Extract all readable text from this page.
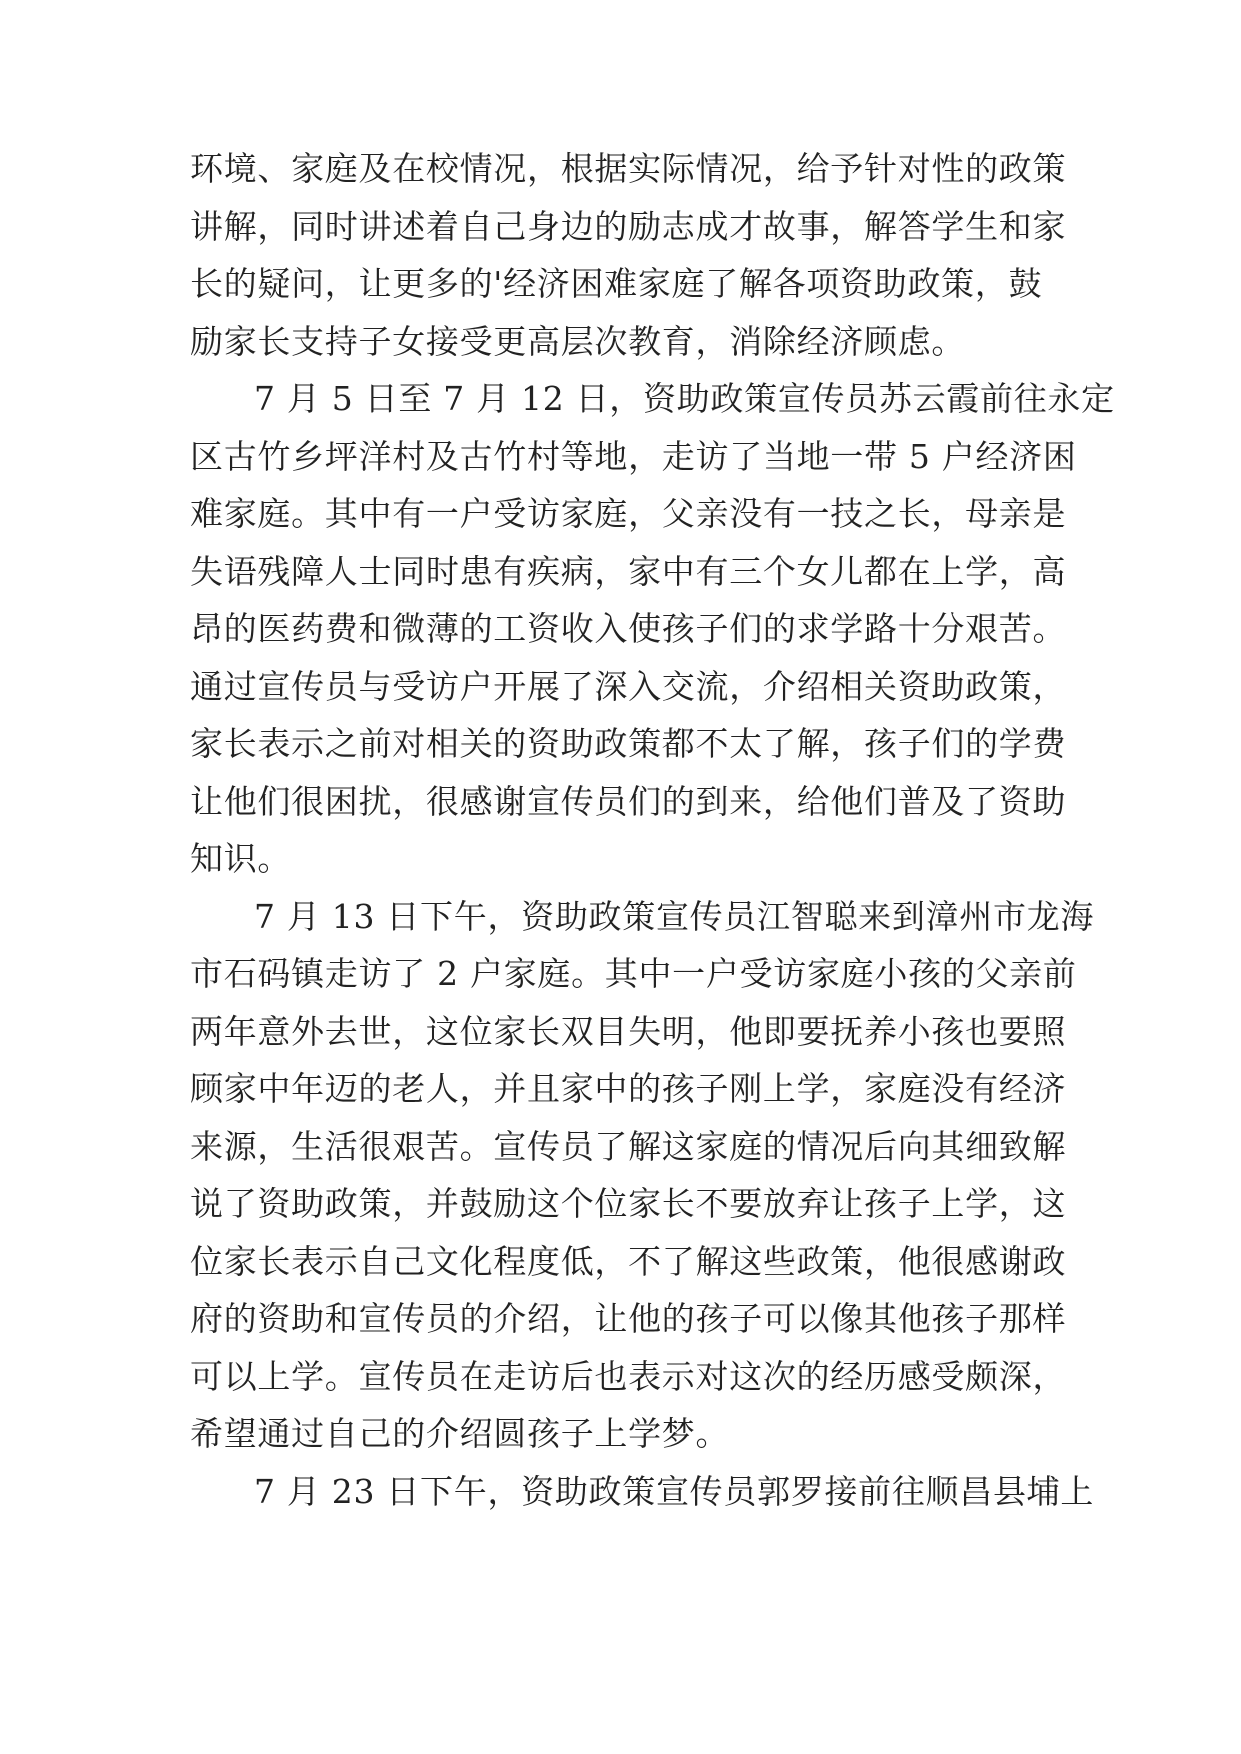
环境、家庭及在校情况，根据实际情况，给予针对性的政策
讲解，同时讲述着自己身边的励志成才故事，解答学生和家
长的疑问，让更多的'经济困难家庭了解各项资助政策，鼓
励家长支持子女接受更高层次教育，消除经济顾虑。
7 月 5 日至 7 月 12 日，资助政策宣传员苏云霞前往永定
区古竹乡坪洋村及古竹村等地，走访了当地一带 5 户经济困
难家庭。其中有一户受访家庭，父亲没有一技之长，母亲是
失语残障人士同时患有疾病，家中有三个女儿都在上学，高
昂的医药费和微薄的工资收入使孩子们的求学路十分艰苦。
通过宣传员与受访户开展了深入交流，介绍相关资助政策，
家长表示之前对相关的资助政策都不太了解，孩子们的学费
让他们很困扰，很感谢宣传员们的到来，给他们普及了资助
知识。
7 月 13 日下午，资助政策宣传员江智聪来到漳州市龙海
市石码镇走访了 2 户家庭。其中一户受访家庭小孩的父亲前
两年意外去世，这位家长双目失明，他即要抚养小孩也要照
顾家中年迈的老人，并且家中的孩子刚上学，家庭没有经济
来源，生活很艰苦。宣传员了解这家庭的情况后向其细致解
说了资助政策，并鼓励这个位家长不要放弃让孩子上学，这
位家长表示自己文化程度低，不了解这些政策，他很感谢政
府的资助和宣传员的介绍，让他的孩子可以像其他孩子那样
可以上学。宣传员在走访后也表示对这次的经历感受颇深，
希望通过自己的介绍圆孩子上学梦。
7 月 23 日下午，资助政策宣传员郭罗接前往顺昌县埔上
